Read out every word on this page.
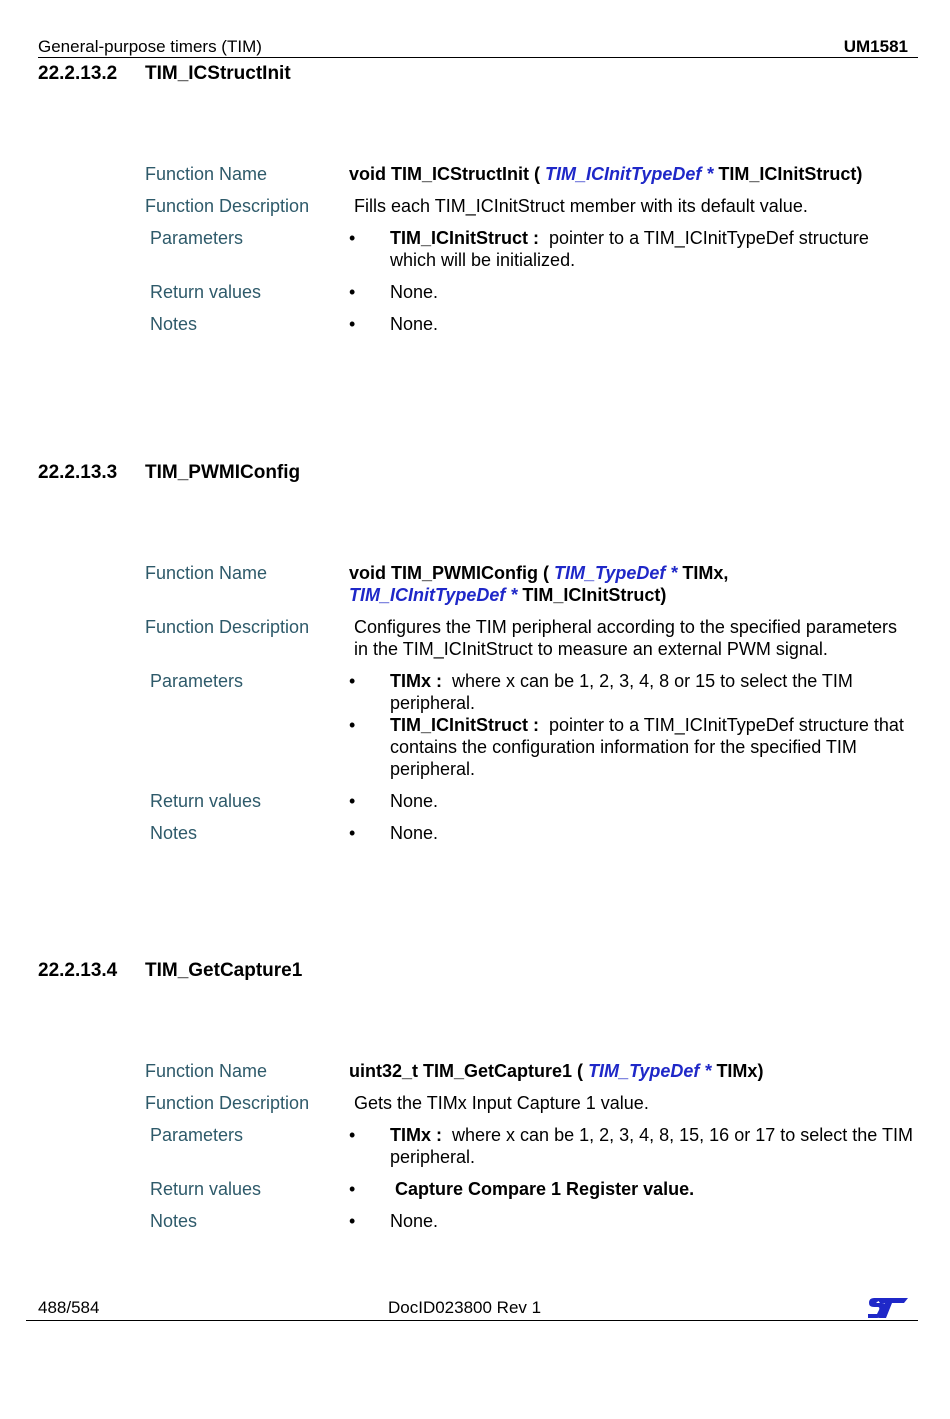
General-purpose timers (TIM)	UM1581
22.2.13.2 TIM_ICStructInit
Function Name	void TIM_ICStructInit ( TIM_ICInitTypeDef * TIM_ICInitStruct)
Function Description	Fills each TIM_ICInitStruct member with its default value.
Parameters	• TIM_ICInitStruct : pointer to a TIM_ICInitTypeDef structure which will be initialized.
Return values	• None.
Notes	• None.
22.2.13.3 TIM_PWMIConfig
Function Name	void TIM_PWMIConfig ( TIM_TypeDef * TIMx,
TIM_ICInitTypeDef * TIM_ICInitStruct)
Function Description	Configures the TIM peripheral according to the specified parameters in the TIM_ICInitStruct to measure an external PWM signal.
Parameters	• TIMx : where x can be 1, 2, 3, 4, 8 or 15 to select the TIM peripheral.
• TIM_ICInitStruct : pointer to a TIM_ICInitTypeDef structure that contains the configuration information for the specified TIM peripheral.
Return values	• None.
Notes	• None.
22.2.13.4 TIM_GetCapture1
Function Name	uint32_t TIM_GetCapture1 ( TIM_TypeDef * TIMx)
Function Description	Gets the TIMx Input Capture 1 value.
Parameters	• TIMx : where x can be 1, 2, 3, 4, 8, 15, 16 or 17 to select the TIM peripheral.
Return values	• Capture Compare 1 Register value.
Notes	• None.
488/584	DocID023800 Rev 1
